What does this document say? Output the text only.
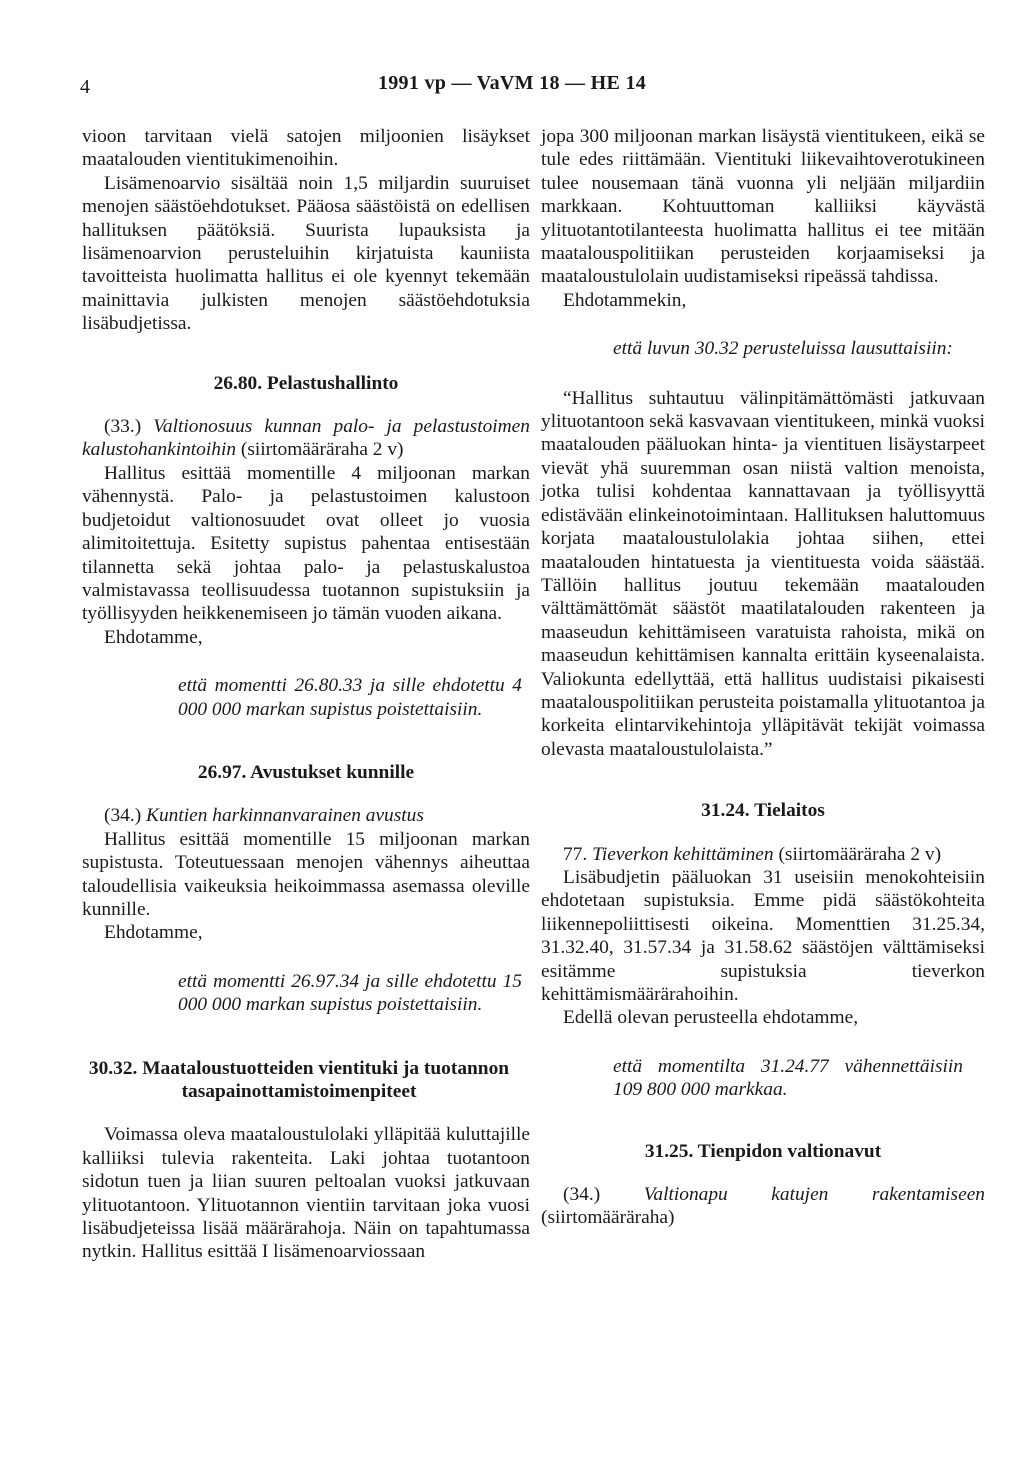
4	1991 vp — VaVM 18 — HE 14

vioon tarvitaan vielä satojen miljoonien lisäykset maatalouden vientitukimenoihin.

Lisämenoarvio sisältää noin 1,5 miljardin suuruiset menojen säästöehdotukset. Pääosa säästöistä on edellisen hallituksen päätöksiä. Suurista lupauksista ja lisämenoarvion perusteluihin kirjatuista kauniista tavoitteista huolimatta hallitus ei ole kyennyt tekemään mainittavia julkisten menojen säästöehdotuksia lisäbudjetissa.

26.80. Pelastushallinto

(33.) Valtionosuus kunnan palo- ja pelastustoimen kalustohankintoihin (siirtomääräraha 2 v)

Hallitus esittää momentille 4 miljoonan markan vähennystä. Palo- ja pelastustoimen kalustoon budjetoidut valtionosuudet ovat olleet jo vuosia alimitoitettuja. Esitetty supistus pahentaa entisestään tilannetta sekä johtaa palo- ja pelastuskalustoa valmistavassa teollisuudessa tuotannon supistuksiin ja työllisyyden heikkenemiseen jo tämän vuoden aikana.

Ehdotamme,

että momentti 26.80.33 ja sille ehdotettu 4 000 000 markan supistus poistettaisiin.

26.97. Avustukset kunnille

(34.) Kuntien harkinnanvarainen avustus

Hallitus esittää momentille 15 miljoonan markan supistusta. Toteutuessaan menojen vähennys aiheuttaa taloudellisia vaikeuksia heikoimmassa asemassa oleville kunnille.

Ehdotamme,

että momentti 26.97.34 ja sille ehdotettu 15 000 000 markan supistus poistettaisiin.

30.32. Maataloustuotteiden vientituki ja tuotannon tasapainottamistoimenpiteet

Voimassa oleva maataloustulolaki ylläpitää kuluttajille kalliiksi tulevia rakenteita. Laki johtaa tuotantoon sidotun tuen ja liian suuren peltoalan vuoksi jatkuvaan ylituotantoon. Ylituotannon vientiin tarvitaan joka vuosi lisäbudjeteissa lisää määrärahoja. Näin on tapahtumassa nytkin. Hallitus esittää I lisämenoarviossaan

jopa 300 miljoonan markan lisäystä vientitukeen, eikä se tule edes riittämään. Vientituki liikevaihtoverotukineen tulee nousemaan tänä vuonna yli neljään miljardiin markkaan. Kohtuuttoman kalliiksi käyvästä ylituotantotilanteesta huolimatta hallitus ei tee mitään maatalouspolitiikan perusteiden korjaamiseksi ja maataloustulolain uudistamiseksi ripeässä tahdissa.

Ehdotammekin,

että luvun 30.32 perusteluissa lausuttaisiin:

“Hallitus suhtautuu välinpitämättömästi jatkuvaan ylituotantoon sekä kasvavaan vientitukeen, minkä vuoksi maatalouden pääluokan hinta- ja vientituen lisäystarpeet vievät yhä suuremman osan niistä valtion menoista, jotka tulisi kohdentaa kannattavaan ja työllisyyttä edistävään elinkeinotoimintaan. Hallituksen haluttomuus korjata maataloustulolakia johtaa siihen, ettei maatalouden hintatuesta ja vientituesta voida säästää. Tällöin hallitus joutuu tekemään maatalouden välttämättömät säästöt maatilatalouden rakenteen ja maaseudun kehittämiseen varatuista rahoista, mikä on maaseudun kehittämisen kannalta erittäin kyseenalaista. Valiokunta edellyttää, että hallitus uudistaisi pikaisesti maatalouspolitiikan perusteita poistamalla ylituotantoa ja korkeita elintarvikehintoja ylläpitävät tekijät voimassa olevasta maataloustulolaista.”

31.24. Tielaitos

77. Tieverkon kehittäminen (siirtomääräraha 2 v)

Lisäbudjetin pääluokan 31 useisiin menokohteisiin ehdotetaan supistuksia. Emme pidä säästökohteita liikennepoliittisesti oikeina. Momenttien 31.25.34, 31.32.40, 31.57.34 ja 31.58.62 säästöjen välttämiseksi esitämme supistuksia tieverkon kehittämismäärärahoihin.

Edellä olevan perusteella ehdotamme,

että momentilta 31.24.77 vähennettäisiin 109 800 000 markkaa.

31.25. Tienpidon valtionavut

(34.) Valtionapu katujen rakentamiseen (siirtomääräraha)
